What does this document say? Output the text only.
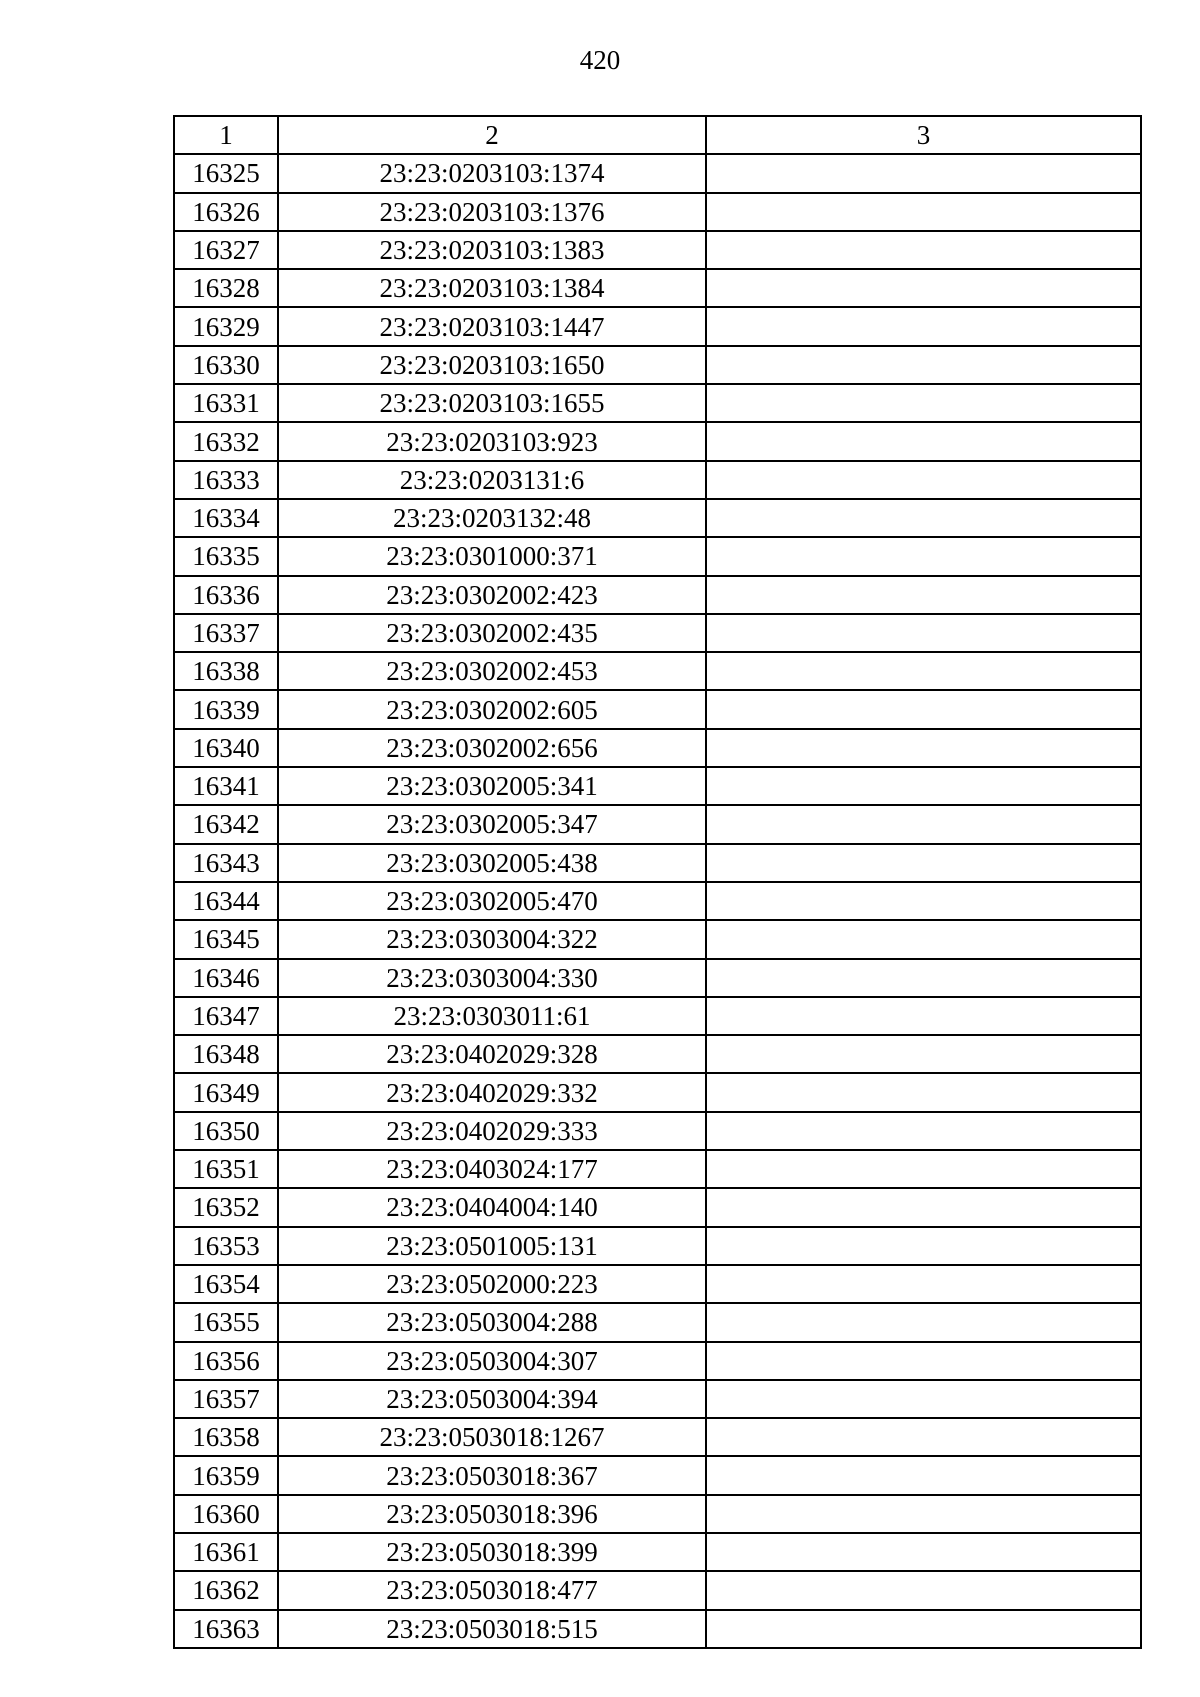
420
1	2	3
16325	23:23:0203103:1374	
16326	23:23:0203103:1376	
16327	23:23:0203103:1383	
16328	23:23:0203103:1384	
16329	23:23:0203103:1447	
16330	23:23:0203103:1650	
16331	23:23:0203103:1655	
16332	23:23:0203103:923	
16333	23:23:0203131:6	
16334	23:23:0203132:48	
16335	23:23:0301000:371	
16336	23:23:0302002:423	
16337	23:23:0302002:435	
16338	23:23:0302002:453	
16339	23:23:0302002:605	
16340	23:23:0302002:656	
16341	23:23:0302005:341	
16342	23:23:0302005:347	
16343	23:23:0302005:438	
16344	23:23:0302005:470	
16345	23:23:0303004:322	
16346	23:23:0303004:330	
16347	23:23:0303011:61	
16348	23:23:0402029:328	
16349	23:23:0402029:332	
16350	23:23:0402029:333	
16351	23:23:0403024:177	
16352	23:23:0404004:140	
16353	23:23:0501005:131	
16354	23:23:0502000:223	
16355	23:23:0503004:288	
16356	23:23:0503004:307	
16357	23:23:0503004:394	
16358	23:23:0503018:1267	
16359	23:23:0503018:367	
16360	23:23:0503018:396	
16361	23:23:0503018:399	
16362	23:23:0503018:477	
16363	23:23:0503018:515	
